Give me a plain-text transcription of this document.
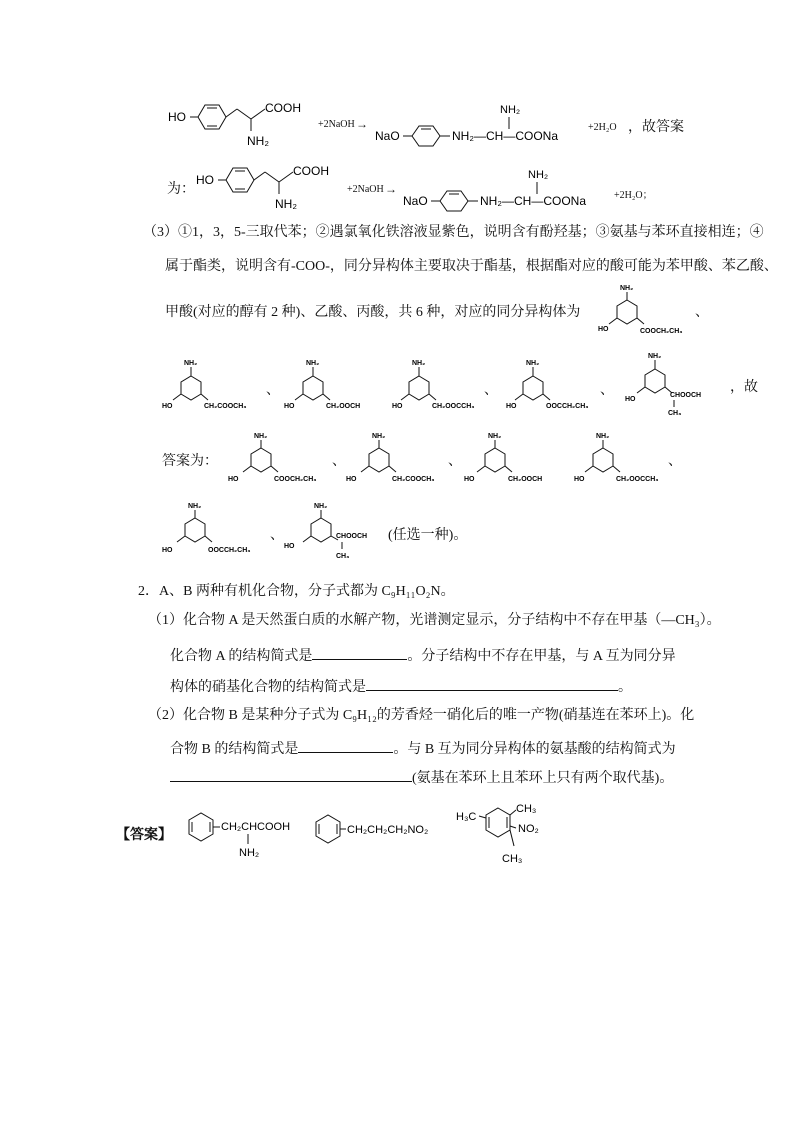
HO
COOH
NH₂
+2NaOH →
NaO	NH₂—CH—COONa
NH₂
+2H₂O ，故答案
为：
HO
COOH
NH₂
+2NaOH →
NaO	NH₂—CH—COONa
NH₂
+2H₂O；
（3）①1，3，5-三取代苯；②遇氯氧化铁溶液显紫色，说明含有酚羟基；③氨基与苯环直接相连；④
属于酯类，说明含有-COO-，同分异构体主要取决于酯基，根据酯对应的酸可能为苯甲酸、苯乙酸、
甲酸(对应的醇有 2 种)、乙酸、丙酸，共 6 种，对应的同分异构体为
NH₂
HO	COOCH₂CH₃
、
NH₂
HO	CH₂COOCH₃
、
NH₂
HO	CH₂OOCH
NH₂
HO	CH₂OOCCH₃
、
NH₂
HO	OOCCH₂CH₃
、
NH₂
HO
CHOOCH
CH₃
，故
答案为：
NH₂
HO	COOCH₂CH₃
、
NH₂
HO	CH₂COOCH₃
、
NH₂
HO	CH₂OOCH
NH₂
HO	CH₂OOCCH₃
、
NH₂
HO	OOCCH₂CH₃
、
NH₂
HO
CHOOCH
CH₃
(任选一种)。
2．A、B 两种有机化合物，分子式都为 C₉H₁₁O₂N。
（1）化合物 A 是天然蛋白质的水解产物，光谱测定显示，分子结构中不存在甲基（—CH₃）。
化合物 A 的结构简式是	。分子结构中不存在甲基，与 A 互为同分异
构体的硝基化合物的结构简式是	。
（2）化合物 B 是某种分子式为 C₉H₁₂的芳香烃一硝化后的唯一产物(硝基连在苯环上)。化
合物 B 的结构简式是	。与 B 互为同分异构体的氨基酸的结构简式为
(氨基在苯环上且苯环上只有两个取代基)。
【答案】
CH₂CHCOOH
NH₂
CH₂CH₂CH₂NO₂
H₃C
CH₃
NO₂
CH₃
